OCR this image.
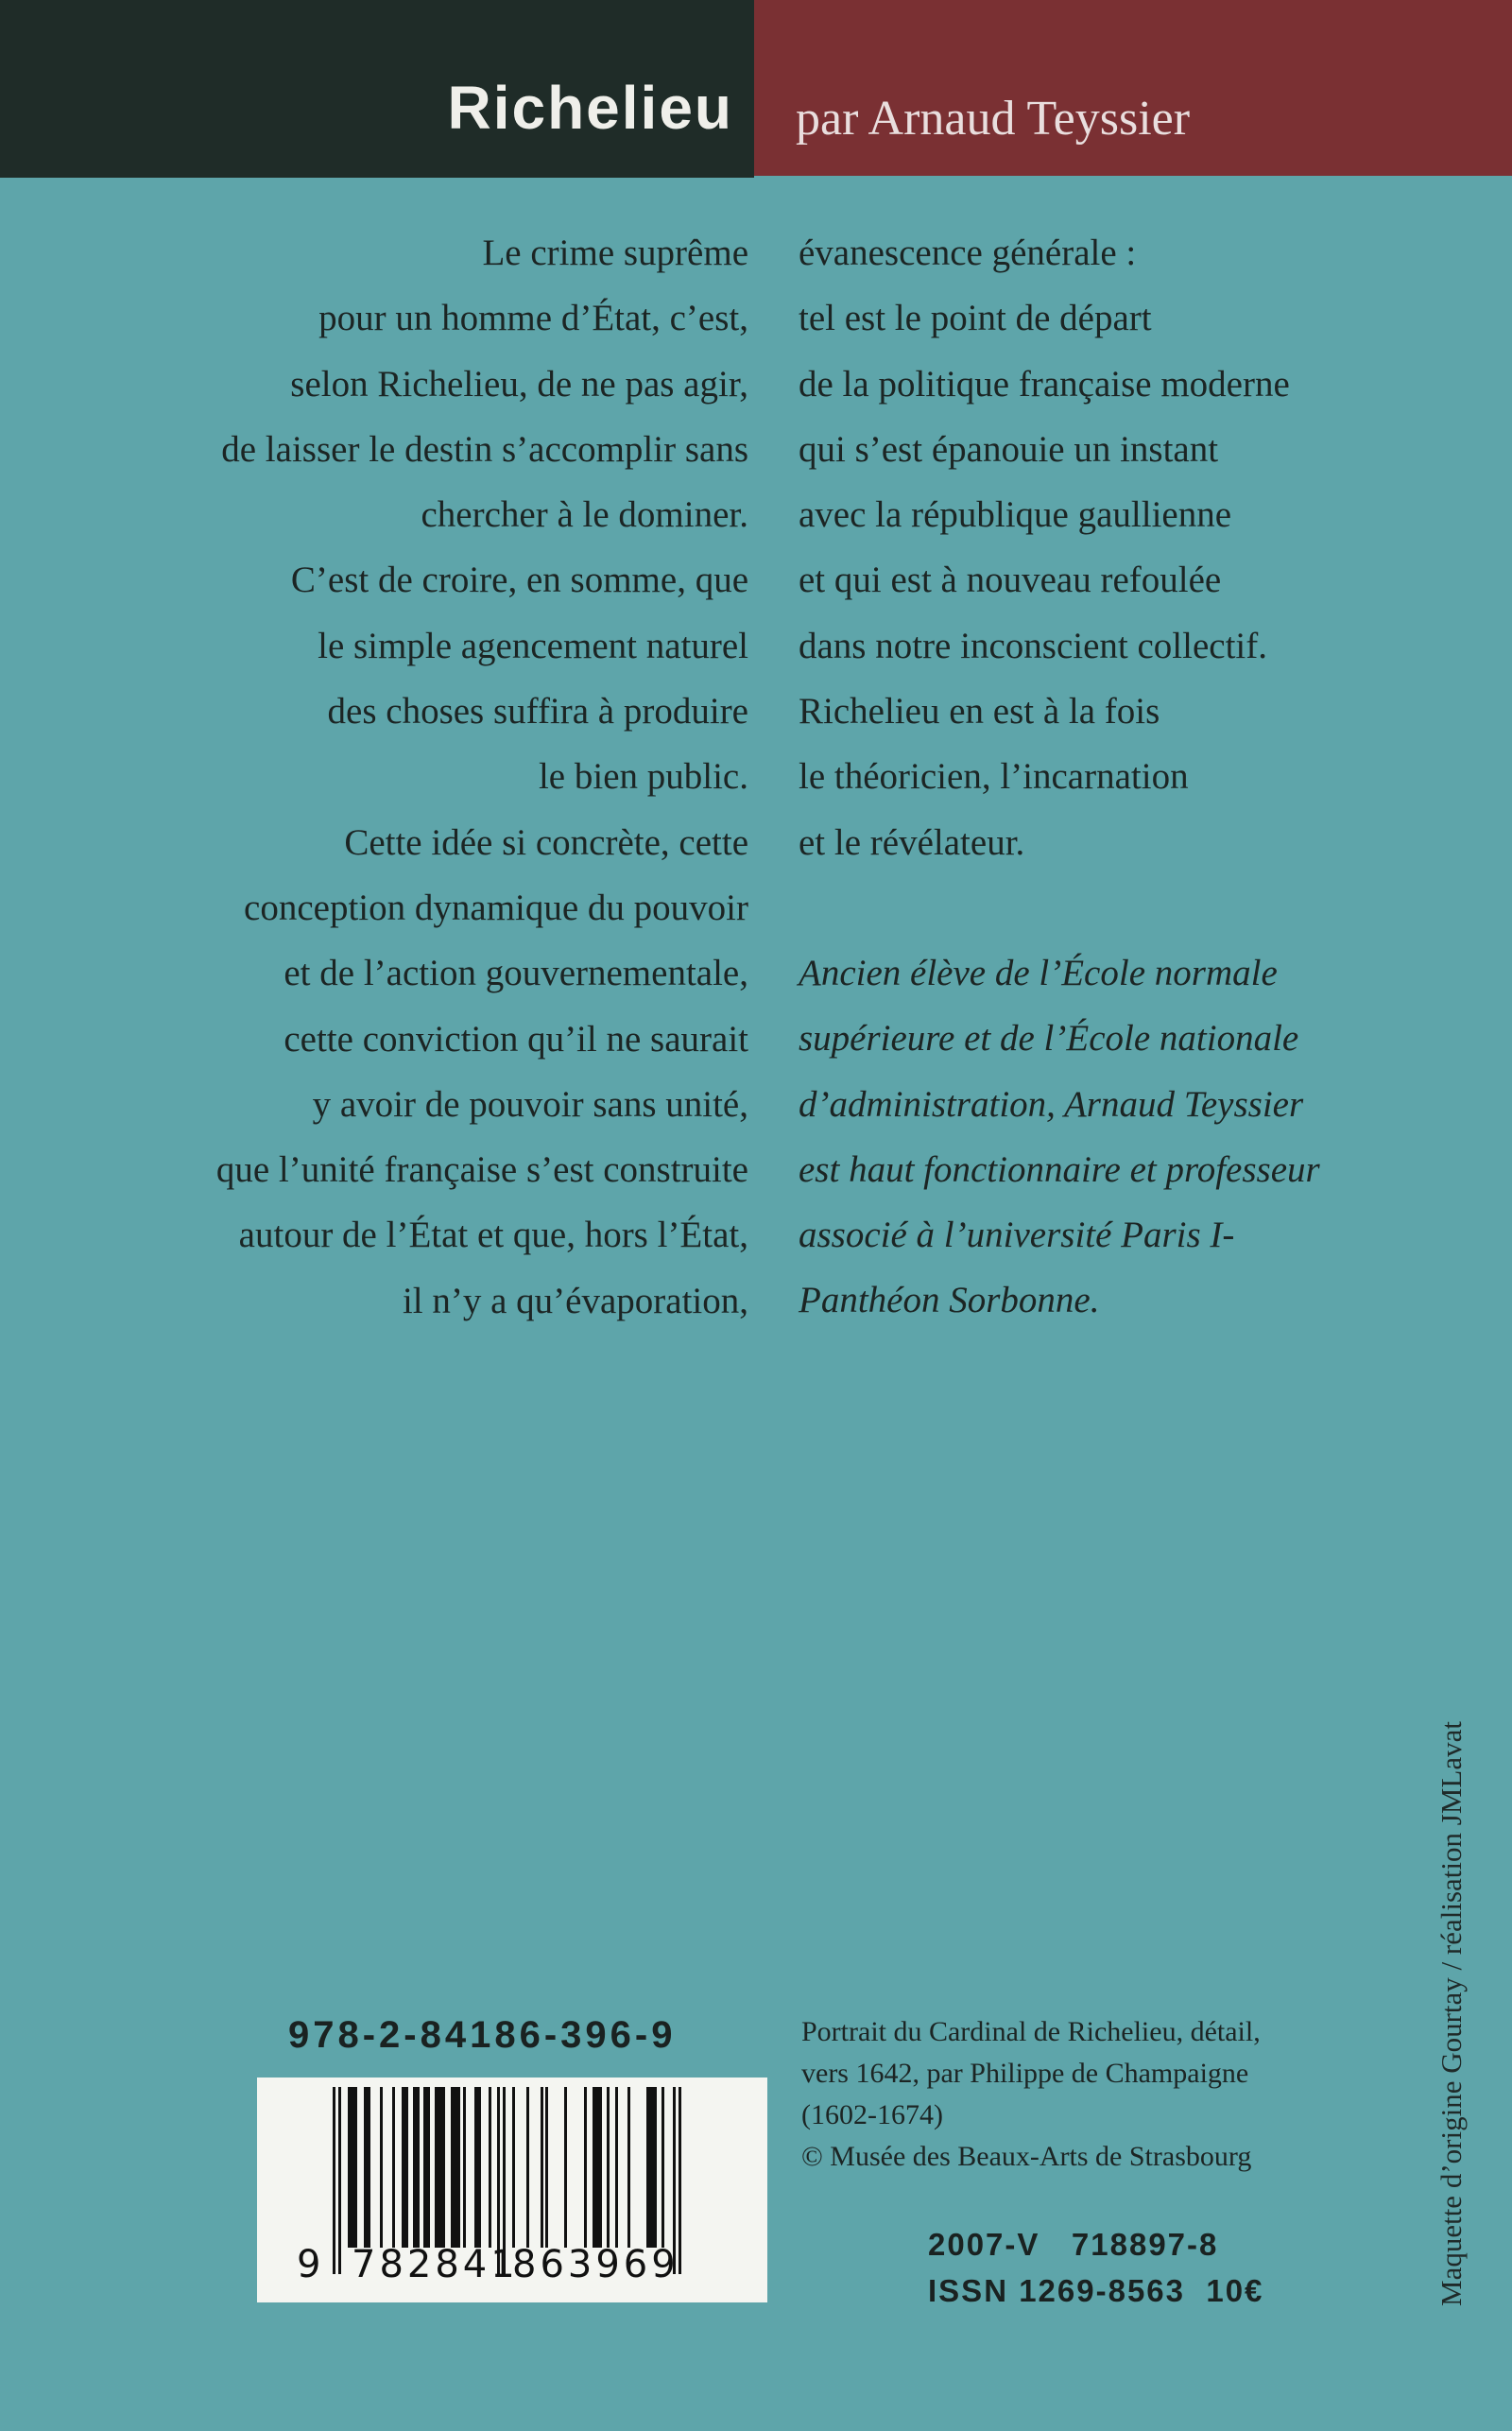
Richelieu par Arnaud Teyssier
Le crime suprême
pour un homme d’État, c’est,
selon Richelieu, de ne pas agir,
de laisser le destin s’accomplir sans
chercher à le dominer.
C’est de croire, en somme, que
le simple agencement naturel
des choses suffira à produire
le bien public.
Cette idée si concrète, cette
conception dynamique du pouvoir
et de l’action gouvernementale,
cette conviction qu’il ne saurait
y avoir de pouvoir sans unité,
que l’unité française s’est construite
autour de l’État et que, hors l’État,
il n’y a qu’évaporation,
évanescence générale :
tel est le point de départ
de la politique française moderne
qui s’est épanouie un instant
avec la république gaullienne
et qui est à nouveau refoulée
dans notre inconscient collectif.
Richelieu en est à la fois
le théoricien, l’incarnation
et le révélateur.
Ancien élève de l’École normale
supérieure et de l’École nationale
d’administration, Arnaud Teyssier
est haut fonctionnaire et professeur
associé à l’université Paris I-
Panthéon Sorbonne.
978-2-84186-396-9
9 782841
863969
Portrait du Cardinal de Richelieu, détail,
vers 1642, par Philippe de Champaigne
(1602-1674)
© Musée des Beaux-Arts de Strasbourg
2007-V   718897-8
ISSN 1269-8563  10€	Maquette d’origine Gourtay / réalisation JMLavat
